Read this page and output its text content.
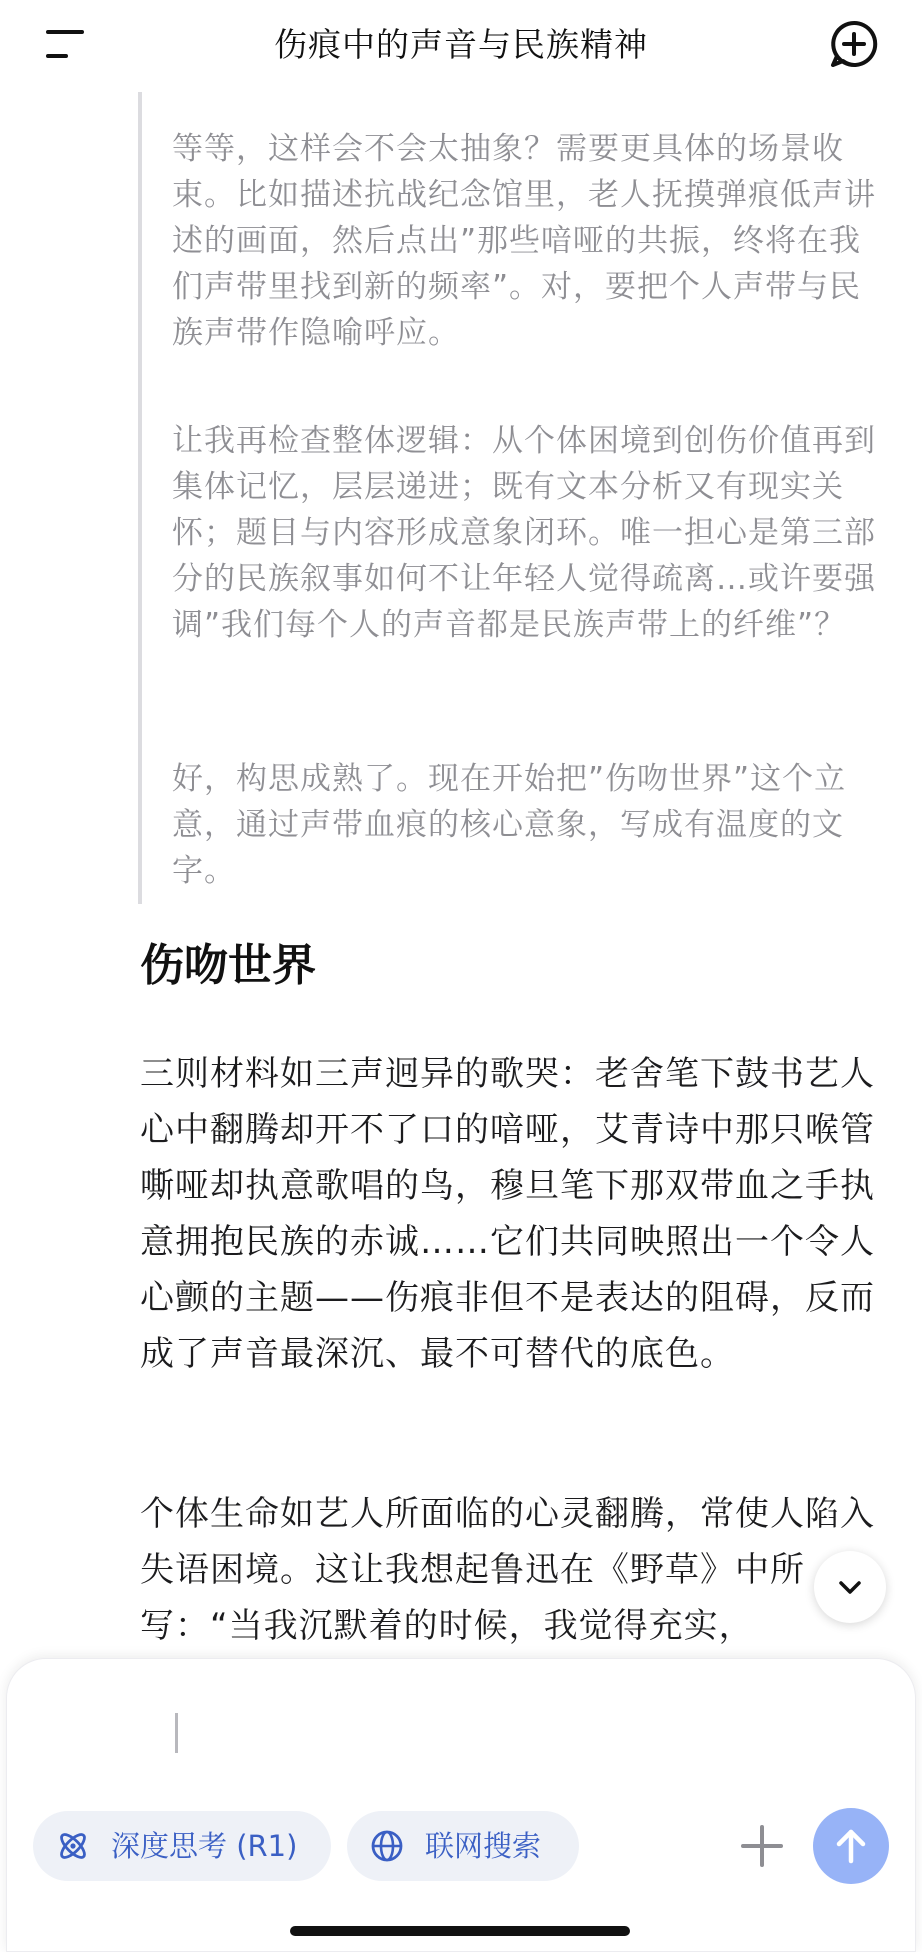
伤痕中的声音与民族精神

等等，这样会不会太抽象？需要更具体的场景收束。比如描述抗战纪念馆里，老人抚摸弹痕低声讲述的画面，然后点出”那些喑哑的共振，终将在我们声带里找到新的频率”。对，要把个人声带与民族声带作隐喻呼应。

让我再检查整体逻辑：从个体困境到创伤价值再到集体记忆，层层递进；既有文本分析又有现实关怀；题目与内容形成意象闭环。唯一担心是第三部分的民族叙事如何不让年轻人觉得疏离…或许要强调”我们每个人的声音都是民族声带上的纤维”？

好，构思成熟了。现在开始把”伤吻世界”这个立意，通过声带血痕的核心意象，写成有温度的文字。

伤吻世界

三则材料如三声迥异的歌哭：老舍笔下鼓书艺人心中翻腾却开不了口的喑哑，艾青诗中那只喉管嘶哑却执意歌唱的鸟，穆旦笔下那双带血之手执意拥抱民族的赤诚……它们共同映照出一个令人心颤的主题——伤痕非但不是表达的阻碍，反而成了声音最深沉、最不可替代的底色。

个体生命如艺人所面临的心灵翻腾，常使人陷入失语困境。这让我想起鲁迅在《野草》中所写：“当我沉默着的时候，我觉得充实，

深度思考 (R1)	联网搜索
